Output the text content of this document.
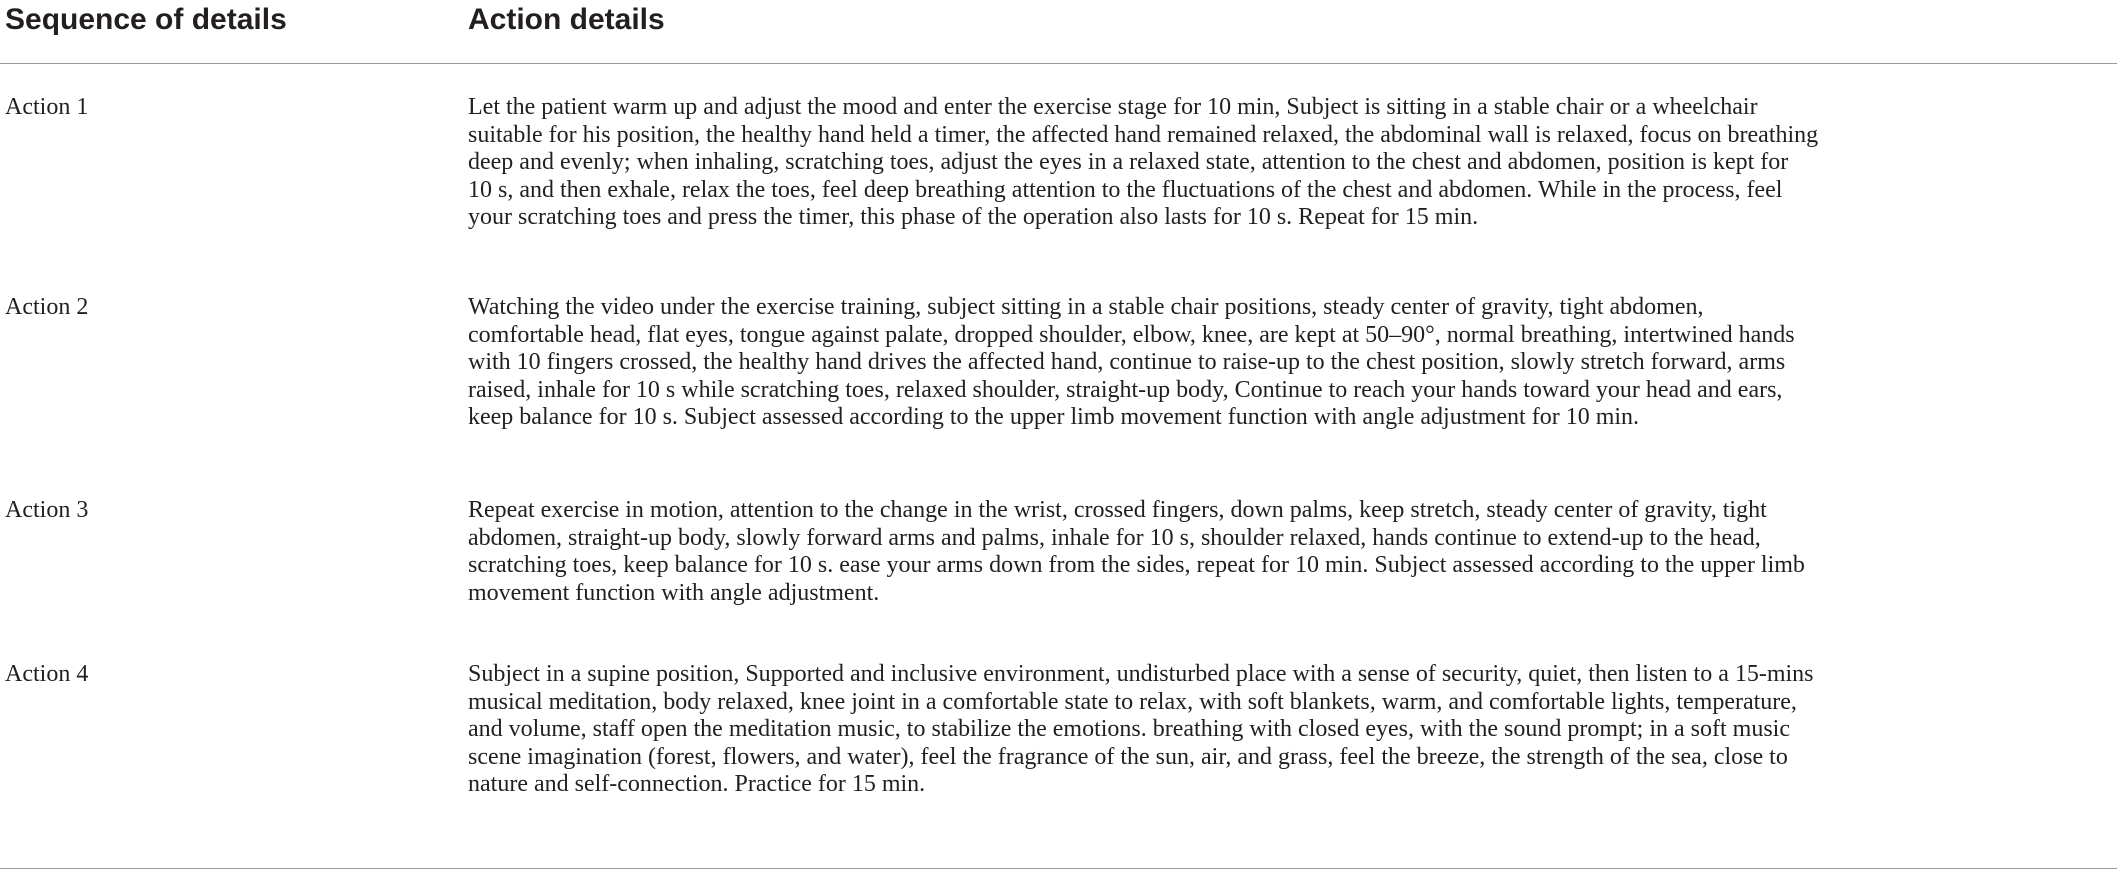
Sequence of details	Action details
Action 1	Let the patient warm up and adjust the mood and enter the exercise stage for 10 min, Subject is sitting in a stable chair or a wheelchair
suitable for his position, the healthy hand held a timer, the affected hand remained relaxed, the abdominal wall is relaxed, focus on breathing
deep and evenly; when inhaling, scratching toes, adjust the eyes in a relaxed state, attention to the chest and abdomen, position is kept for
10 s, and then exhale, relax the toes, feel deep breathing attention to the fluctuations of the chest and abdomen. While in the process, feel
your scratching toes and press the timer, this phase of the operation also lasts for 10 s. Repeat for 15 min.
Action 2	Watching the video under the exercise training, subject sitting in a stable chair positions, steady center of gravity, tight abdomen,
comfortable head, flat eyes, tongue against palate, dropped shoulder, elbow, knee, are kept at 50–90°, normal breathing, intertwined hands
with 10 fingers crossed, the healthy hand drives the affected hand, continue to raise-up to the chest position, slowly stretch forward, arms
raised, inhale for 10 s while scratching toes, relaxed shoulder, straight-up body, Continue to reach your hands toward your head and ears,
keep balance for 10 s. Subject assessed according to the upper limb movement function with angle adjustment for 10 min.
Action 3	Repeat exercise in motion, attention to the change in the wrist, crossed fingers, down palms, keep stretch, steady center of gravity, tight
abdomen, straight-up body, slowly forward arms and palms, inhale for 10 s, shoulder relaxed, hands continue to extend-up to the head,
scratching toes, keep balance for 10 s. ease your arms down from the sides, repeat for 10 min. Subject assessed according to the upper limb
movement function with angle adjustment.
Action 4	Subject in a supine position, Supported and inclusive environment, undisturbed place with a sense of security, quiet, then listen to a 15-mins
musical meditation, body relaxed, knee joint in a comfortable state to relax, with soft blankets, warm, and comfortable lights, temperature,
and volume, staff open the meditation music, to stabilize the emotions. breathing with closed eyes, with the sound prompt; in a soft music
scene imagination (forest, flowers, and water), feel the fragrance of the sun, air, and grass, feel the breeze, the strength of the sea, close to
nature and self-connection. Practice for 15 min.
